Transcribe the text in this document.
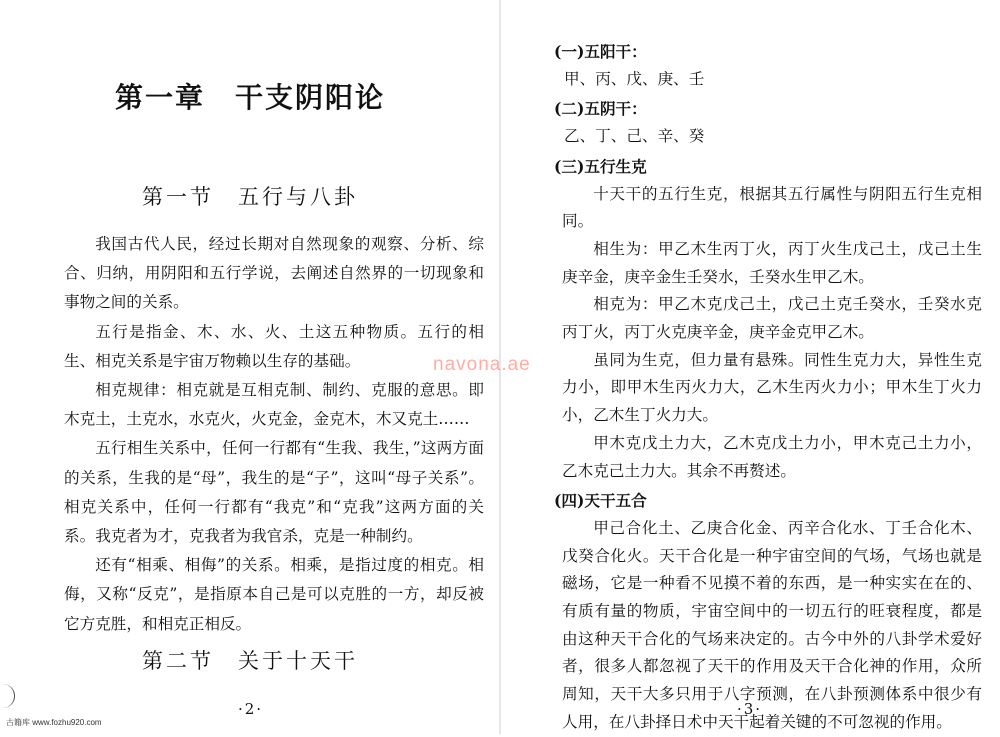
第一章　干支阴阳论
第一节　五行与八卦

我国古代人民，经过长期对自然现象的观察、分析、综合、归纳，用阴阳和五行学说，去阐述自然界的一切现象和事物之间的关系。

五行是指金、木、水、火、土这五种物质。五行的相生、相克关系是宇宙万物赖以生存的基础。

相克规律：相克就是互相克制、制约、克服的意思。即木克土，土克水，水克火，火克金，金克木，木又克土……

五行相生关系中，任何一行都有“生我、我生，”这两方面的关系，生我的是“母”，我生的是“子”，这叫“母子关系”。相克关系中，任何一行都有“我克”和“克我”这两方面的关系。我克者为才，克我者为我官杀，克是一种制约。

还有“相乘、相侮”的关系。相乘，是指过度的相克。相侮，又称“反克”，是指原本自己是可以克胜的一方，却反被它方克胜，和相克正相反。

第二节　关于十天干
·2·
(一)五阳干：
甲、丙、戊、庚、壬
(二)五阴干：
乙、丁、己、辛、癸
(三)五行生克

十天干的五行生克，根据其五行属性与阴阳五行生克相同。

相生为：甲乙木生丙丁火，丙丁火生戊己土，戊己土生庚辛金，庚辛金生壬癸水，壬癸水生甲乙木。

相克为：甲乙木克戊己土，戊己土克壬癸水，壬癸水克丙丁火，丙丁火克庚辛金，庚辛金克甲乙木。

虽同为生克，但力量有悬殊。同性生克力大，异性生克力小，即甲木生丙火力大，乙木生丙火力小；甲木生丁火力小，乙木生丁火力大。

甲木克戊土力大，乙木克戊土力小，甲木克己土力小，乙木克己土力大。其余不再赘述。

(四)天干五合

甲己合化土、乙庚合化金、丙辛合化水、丁壬合化木、戊癸合化火。天干合化是一种宇宙空间的气场，气场也就是磁场，它是一种看不见摸不着的东西，是一种实实在在的、有质有量的物质，宇宙空间中的一切五行的旺衰程度，都是由这种天干合化的气场来决定的。古今中外的八卦学术爱好者，很多人都忽视了天干的作用及天干合化神的作用，众所周知，天干大多只用于八字预测，在八卦预测体系中很少有人用，在八卦择日术中天干起着关键的不可忽视的作用。

·3·
navona.ae
古籍库 www.fozhu920.com
